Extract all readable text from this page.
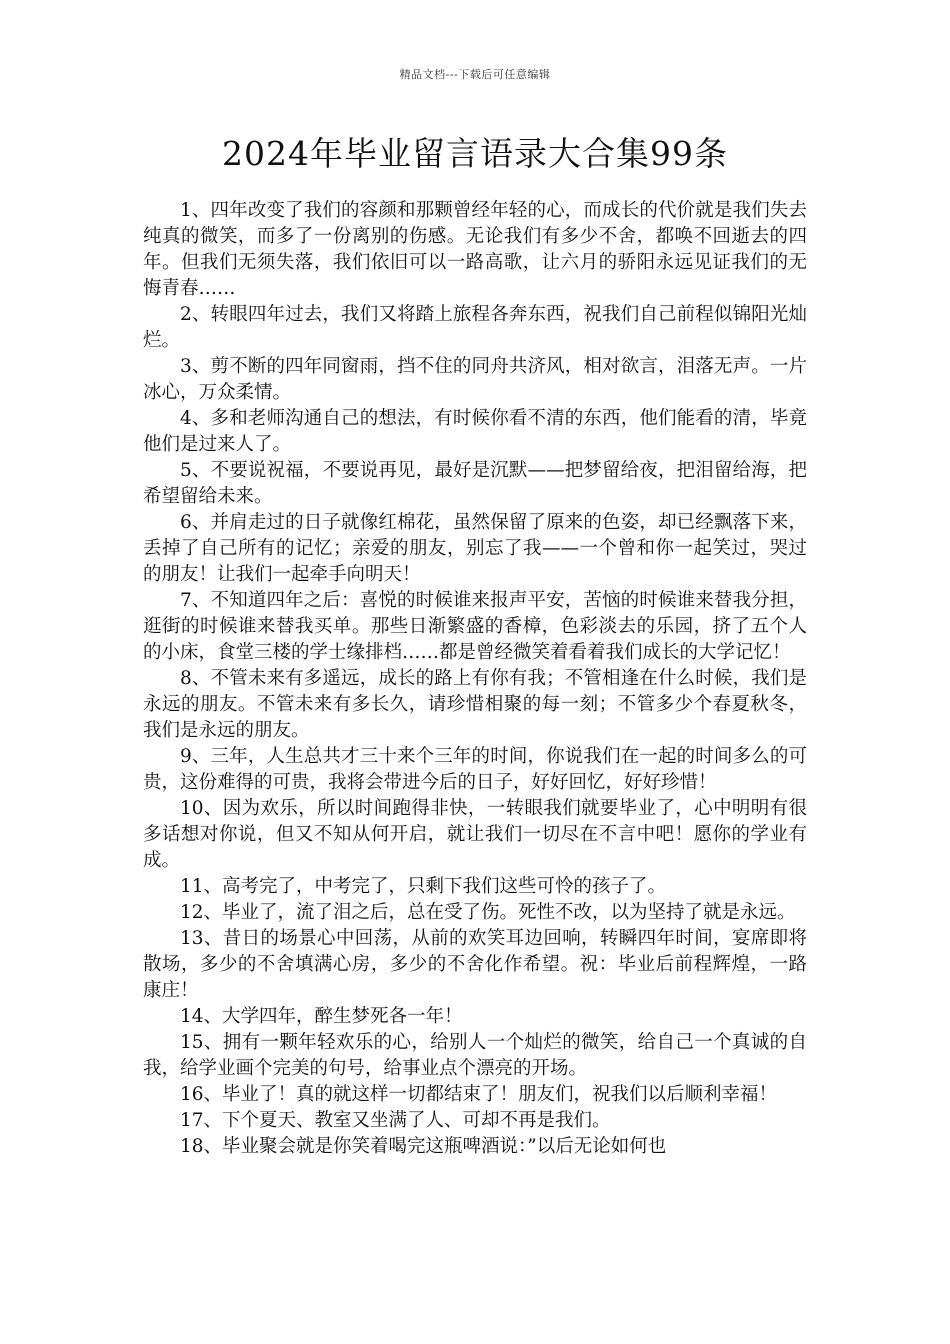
精品文档---下载后可任意编辑
2024年毕业留言语录大合集99条

1、四年改变了我们的容颜和那颗曾经年轻的心，而成长的代价就是我们失去纯真的微笑，而多了一份离别的伤感。无论我们有多少不舍，都唤不回逝去的四年。但我们无须失落，我们依旧可以一路高歌，让六月的骄阳永远见证我们的无悔青春……

2、转眼四年过去，我们又将踏上旅程各奔东西，祝我们自己前程似锦阳光灿烂。

3、剪不断的四年同窗雨，挡不住的同舟共济风，相对欲言，泪落无声。一片冰心，万众柔情。

4、多和老师沟通自己的想法，有时候你看不清的东西，他们能看的清，毕竟他们是过来人了。

5、不要说祝福，不要说再见，最好是沉默——把梦留给夜，把泪留给海，把希望留给未来。

6、并肩走过的日子就像红棉花，虽然保留了原来的色姿，却已经飘落下来，丢掉了自己所有的记忆；亲爱的朋友，别忘了我——一个曾和你一起笑过，哭过的朋友！让我们一起牵手向明天！

7、不知道四年之后：喜悦的时候谁来报声平安，苦恼的时候谁来替我分担，逛街的时候谁来替我买单。那些日渐繁盛的香樟，色彩淡去的乐园，挤了五个人的小床，食堂三楼的学士缘排档……都是曾经微笑着看着我们成长的大学记忆！

8、不管未来有多遥远，成长的路上有你有我；不管相逢在什么时候，我们是永远的朋友。不管未来有多长久，请珍惜相聚的每一刻；不管多少个春夏秋冬，我们是永远的朋友。

9、三年，人生总共才三十来个三年的时间，你说我们在一起的时间多么的可贵，这份难得的可贵，我将会带进今后的日子，好好回忆，好好珍惜！

10、因为欢乐，所以时间跑得非快，一转眼我们就要毕业了，心中明明有很多话想对你说，但又不知从何开启，就让我们一切尽在不言中吧！愿你的学业有成。

11、高考完了，中考完了，只剩下我们这些可怜的孩子了。

12、毕业了，流了泪之后，总在受了伤。死性不改，以为坚持了就是永远。

13、昔日的场景心中回荡，从前的欢笑耳边回响，转瞬四年时间，宴席即将散场，多少的不舍填满心房，多少的不舍化作希望。祝：毕业后前程辉煌，一路康庄！

14、大学四年，醉生梦死各一年！

15、拥有一颗年轻欢乐的心，给别人一个灿烂的微笑，给自己一个真诚的自我，给学业画个完美的句号，给事业点个漂亮的开场。

16、毕业了！真的就这样一切都结束了！朋友们，祝我们以后顺利幸福！

17、下个夏天、教室又坐满了人、可却不再是我们。

18、毕业聚会就是你笑着喝完这瓶啤酒说：”以后无论如何也
